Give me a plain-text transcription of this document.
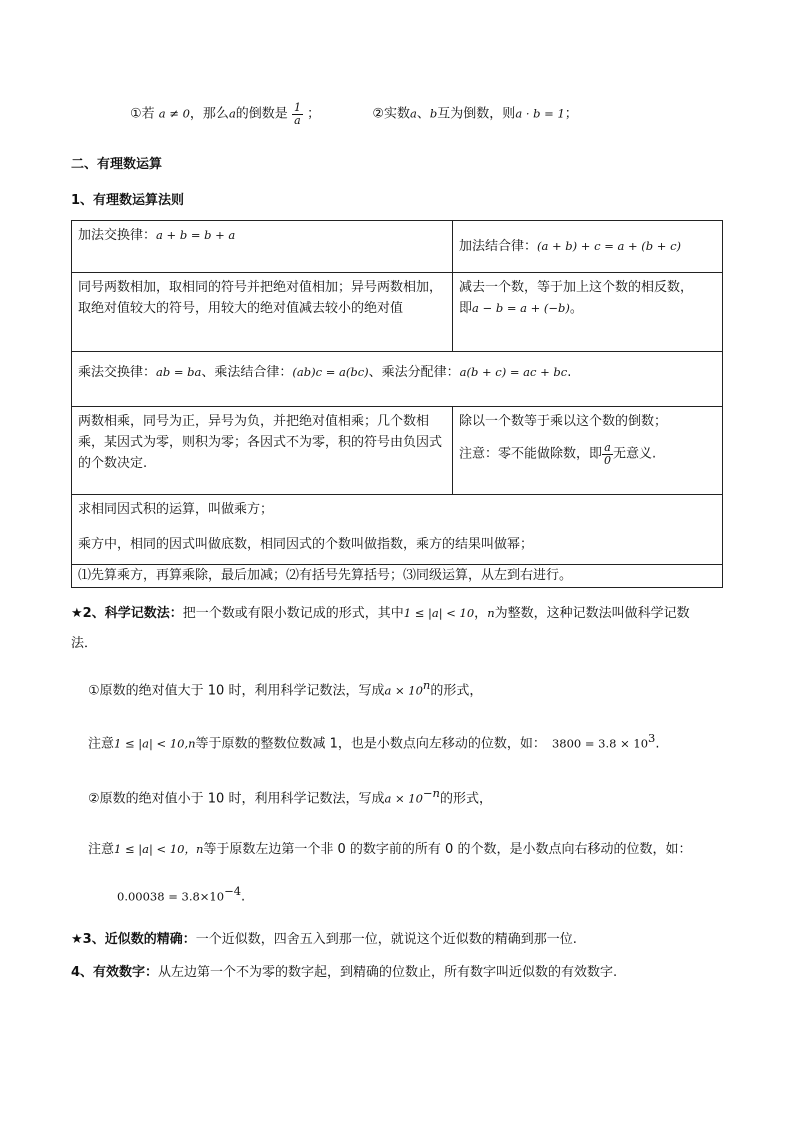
①若 a ≠ 0，那么a的倒数是 $\frac{1}{a}$ ；	②实数a、b互为倒数，则a · b = 1；
二、有理数运算
1、有理数运算法则
加法交换律：a + b = b + a	加法结合律：(a + b) + c = a + (b + c)
同号两数相加，取相同的符号并把绝对值相加；异号两数相加，取绝对值较大的符号，用较大的绝对值减去较小的绝对值	减去一个数，等于加上这个数的相反数，
即a − b = a + (−b)。

乘法交换律：ab = ba、乘法结合律：(ab)c = a(bc)、乘法分配律：a(b + c) = ac + bc.	
两数相乘，同号为正，异号为负，并把绝对值相乘；几个数相乘，某因式为零，则积为零；各因式不为零，积的符号由负因式的个数决定.	除以一个数等于乘以这个数的倒数；
注意：零不能做除数，即 $\frac{a}{0}$ 无意义.

求相同因式积的运算，叫做乘方；
乘方中，相同的因式叫做底数，相同因式的个数叫做指数，乘方的结果叫做幂；	

⑴先算乘方，再算乘除，最后加减；⑵有括号先算括号；⑶同级运算，从左到右进行。	
★2、科学记数法：把一个数或有限小数记成的形式，其中1 ≤ |a| < 10，n为整数，这种记数法叫做科学记数
法．
①原数的绝对值大于 10 时，利用科学记数法，写成$a \times 10^n$的形式，
注意1 ≤ |a| < 10,n等于原数的整数位数减 1，也是小数点向左移动的位数，如： $3800 = 3.8 \times 10^3$.
②原数的绝对值小于 10 时，利用科学记数法，写成$a \times 10^{-n}$的形式，
注意1 ≤ |a| < 10，n等于原数左边第一个非 0 的数字前的所有 0 的个数，是小数点向右移动的位数，如：
$0.00038 = 3.8\times 10^{-4}$.
★3、近似数的精确：一个近似数，四舍五入到那一位，就说这个近似数的精确到那一位.
4、有效数字：从左边第一个不为零的数字起，到精确的位数止，所有数字叫近似数的有效数字.
